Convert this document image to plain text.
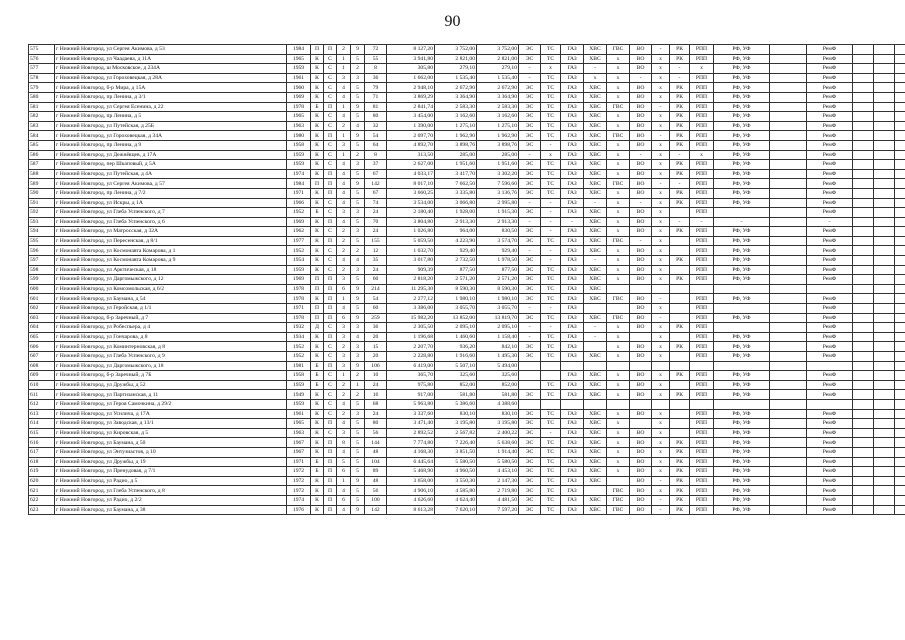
90
575	г Нижний Новгород, ул Сергея Акимова, д 53	1984	П	П	2	9	72	8 127,20	3 752,00	3 752,00	ЭС	ТС	ГАЗ	ХВС	ГВС	ВО	-	РК	РПП	РФ, УФ		РемФ			
576	г Нижний Новгород, ул Чаадаева, д 11А	1965	К	С	1	5	55	3 941,80	2 821,00	2 821,00	ЭС	ТС	ГАЗ	ХВС	х	ВО	х	РК	РПП	РФ, УФ		РемФ			
577	г Нижний Новгород, ш Московское, д 234А	1959	К	С	1	2	8	305,80	279,10	279,10	-	х	ГАЗ	-	х	ВО	х	-	х	РФ, УФ		РемФ			
578	г Нижний Новгород, ул Гороховецкая, д 28А	1961	К	С	3	3	36	1 662,00	1 535,40	1 535,40	-	ТС	ГАЗ	х	х	-	х	-	РПП	РФ, УФ		РемФ			
579	г Нижний Новгород, б-р Мира, д 15А	1960	К	С	4	5	79	2 948,10	2 672,90	2 672,90	ЭС	ТС	ГАЗ	ХВС	х	ВО	х	РК	РПП	РФ, УФ		РемФ			
580	г Нижний Новгород, пр Ленина, д 3/1	1969	К	С	4	5	71	3 869,29	3 364,90	3 364,90	ЭС	ТС	ГАЗ	ХВС	х	ВО	х	РК	РПП	РФ, УФ		РемФ			
581	г Нижний Новгород, ул Сергея Есенина, д 22	1978	Б	П	1	9	81	2 841,74	2 583,30	2 583,30	ЭС	ТС	ГАЗ	ХВС	ГВС	ВО	-	РК	РПП	РФ, УФ		РемФ			
582	г Нижний Новгород, пр Ленина, д 5	1965	К	С	4	5	80	3 454,00	3 162,60	3 162,60	ЭС	ТС	ГАЗ	ХВС	х	ВО	х	РК	РПП	РФ, УФ		РемФ			
583	г Нижний Новгород, ул Путейская, д 25Б	1963	К	С	2	4	32	1 390,00	1 275,10	1 275,10	ЭС	ТС	ГАЗ	ХВС	х	ВО	х	РК	РПП	РФ, УФ		РемФ			
584	г Нижний Новгород, ул Гороховецкая, д 34А	1980	К	П	1	9	54	2 097,70	1 962,90	1 962,90	ЭС	ТС	ГАЗ	ХВС	ГВС	ВО	-	РК	РПП	РФ, УФ		РемФ			
585	г Нижний Новгород, пр Ленина, д 9	1958	К	С	3	5	64	4 892,70	3 898,76	3 898,76	ЭС	-	ГАЗ	ХВС	х	ВО	х	РК	РПП	РФ, УФ		РемФ			
586	г Нижний Новгород, ул Дежнёвцев, д 17А	1959	К	С	1	2	8	313,50	285,00	285,00	-	х	ГАЗ	ХВС	х	-	х	-	х	РФ, УФ		РемФ			
587	г Нижний Новгород, пер Шкаповый, д 5А	1959	К	С	4	3	37	2 627,00	1 951,60	1 951,60	ЭС	ТС	ГАЗ	ХВС	х	ВО	х	РК	РПП	РФ, УФ		РемФ			
588	г Нижний Новгород, ул Путейская, д 4А	1974	К	П	4	5	67	4 033,17	3 417,70	3 302,20	ЭС	ТС	ГАЗ	ХВС	х	ВО	х	РК	РПП	РФ, УФ		РемФ			
589	г Нижний Новгород, ул Сергея Акимова, д 57	1984	П	П	4	9	142	8 017,10	7 662,50	7 596,60	ЭС	ТС	ГАЗ	ХВС	ГВС	ВО	-	-	РПП	РФ, УФ		РемФ			
590	г Нижний Новгород, пр Ленина, д 7/2	1971	К	П	4	5	67	3 660,25	3 335,80	3 136,76	ЭС	ТС	ГАЗ	ХВС	х	ВО	х	РК	РПП	РФ, УФ		РемФ			
591	г Нижний Новгород, ул Искры, д 1А	1966	К	С	4	5	74	3 534,00	3 066,80	2 995,80	-	-	ГАЗ	-	х	-	х	РК	РПП	РФ, УФ		РемФ			
592	г Нижний Новгород, ул Глеба Успенского, д 7	1952	Б	С	3	3	24	2 180,40	1 928,00	1 915,30	ЭС	-	ГАЗ	ХВС	х	ВО	х		РПП			РемФ			
593	г Нижний Новгород, ул Глеба Успенского, д 6	1969	К	П	4	5	70	3 804,80	2 913,30	2 913,30	-	-	-	ХВС	х	ВО	х	-	-	-		-			
594	г Нижний Новгород, ул Матросская, д 32А	1962	К	С	2	3	24	1 026,80	964,00	830,50	ЭС	-	ГАЗ	ХВС	х	ВО	х	РК	РПП	РФ, УФ		РемФ			
595	г Нижний Новгород, ул Пересенская, д 8/1	1977	К	П	2	5	155	5 059,50	4 223,90	3 574,70	ЭС	ТС	ГАЗ	ХВС	ГВС	-	х		РПП	РФ, УФ		РемФ			
596	г Нижний Новгород, ул Космонавта Комарова, д 1	1952	К	С	2	2	12	1 032,70	929,40	929,40	-	-	ГАЗ	ХВС	х	ВО	х		РПП	РФ, УФ		РемФ			
597	г Нижний Новгород, ул Космонавта Комарова, д 9	1954	К	С	4	4	35	3 017,80	2 732,50	1 978,50	ЭС	-	ГАЗ	-	х	ВО	х	РК	РПП	РФ, УФ		РемФ			
598	г Нижний Новгород, ул Арктическая, д 18	1959	К	С	2	3	24	909,39	877,50	877,50	ЭС	ТС	ГАЗ	ХВС	х	ВО	х		РПП	РФ, УФ		РемФ			
599	г Нижний Новгород, ул Даргомыжского, д 12	1969	П	П	3	5	60	2 818,20	2 571,20	2 571,20	ЭС	ТС	ГАЗ	ХВС	х	ВО	х	РК	РПП	РФ, УФ		РемФ			
600	г Нижний Новгород, ул Комсомольская, д 6/2	1978	П	П	6	9	214	11 295,30	8 590,30	8 590,30	ЭС	ТС	ГАЗ	ХВС											
601	г Нижний Новгород, ул Баумана, д 54	1978	К	П	1	9	54	2 277,12	1 980,10	1 980,10	ЭС	ТС	ГАЗ	ХВС	ГВС	ВО	-		РПП	РФ, УФ		РемФ			
602	г Нижний Новгород, ул Геройская, д 1/1	1971	П	П	4	5	60	3 386,00	3 055,70	3 055,70	-	-	ГАЗ			ВО	х		РПП			РемФ			
603	г Нижний Новгород, б-р Заречный, д 7	1978	П	П	6	9	259	15 982,20	13 852,00	13 819,70	ЭС	ТС	ГАЗ	ХВС	ГВС	ВО	-		РПП	РФ, УФ		РемФ			
604	г Нижний Новгород, ул Робеспьера, д 4	1932	Д	С	3	3	36	2 305,50	2 095,10	2 095,10	-	-	ГАЗ	-	х	ВО	х	РК	РПП			РемФ			
605	г Нижний Новгород, ул Гончарова, д 8	1934	К	П	3	4	20	1 196,68	1 460,60	1 158,40	-	ТС	ГАЗ	-	х		х		РПП	РФ, УФ		РемФ			
606	г Нижний Новгород, ул Коминтерновская, д 8	1952	К	С	2	3	15	2 207,70	936,20	842,10	ЭС	ТС	ГАЗ		х	ВО	х	РК	РПП	РФ, УФ		РемФ			
607	г Нижний Новгород, ул Глеба Успенского, д 9	1952	К	С	3	3	20	2 228,80	1 916,60	1 495,30	ЭС	ТС	ГАЗ	ХВС	х	ВО	х		РПП	РФ, УФ		РемФ			
608	г Нижний Новгород, ул Даргомыжского, д 18	1981	Б	П	3	9	106	6 419,00	5 507,10	5 494,00															
609	г Нижний Новгород, б-р Заречный, д 7Б	1958	Б	С	1	2	10	365,70	325,60	325,60			ГАЗ	ХВС	х	ВО	х	РК	РПП	РФ, УФ		РемФ			
610	г Нижний Новгород, ул Дружбы, д 52	1959	Б	С	2	1	24	975,80	852,00	852,00		ТС	ГАЗ	ХВС	х	ВО	х		РПП	РФ, УФ		РемФ			
611	г Нижний Новгород, ул Партизанская, д 11	1949	К	С	2	2	16	917,00	581,80	581,80	ЭС	ТС	ГАЗ	ХВС	х	ВО	х	РК	РПП	РФ, УФ		РемФ			
612	г Нижний Новгород, ул Героя Самочкина, д 29/2	1959	К	С	4	5	68	5 963,80	5 386,60	4 388,60															
613	г Нижний Новгород, ул Усилича, д 17А	1961	К	С	2	3	24	3 337,60	830,10	830,10	ЭС	ТС	ГАЗ	ХВС	х	ВО	х		РПП	РФ, УФ		РемФ			
614	г Нижний Новгород, ул Заводская, д 13/1	1965	К	П	4	5	80	3 471,40	3 195,80	3 195,80	ЭС	ТС	ГАЗ	ХВС	х		х		РПП	РФ, УФ		РемФ			
615	г Нижний Новгород, ул Кировская, д 5	1963	К	С	3	5	56	2 892,52	2 567,82	2 400,22	ЭС	-	ГАЗ	ХВС	х	ВО	х		РПП	РФ, УФ		РемФ			
616	г Нижний Новгород, ул Баумана, д 50	1967	К	П	8	5	144	7 774,80	7 226,40	5 638,60	ЭС	ТС	ГАЗ	ХВС	х	ВО	х	РК	РПП	РФ, УФ		РемФ			
617	г Нижний Новгород, ул Энтузиастов, д 10	1967	К	П	4	5	48	4 168,30	3 851,50	1 914,40	ЭС	ТС	ГАЗ	ХВС	х	ВО	х	РК	РПП	РФ, УФ		РемФ			
618	г Нижний Новгород, ул Дружбы, д 19	1971	Б	П	5	5	104	6 445,64	5 580,50	5 580,50	ЭС	ТС	ГАЗ	ХВС	х	ВО	х	РК	РПП	РФ, УФ		РемФ			
619	г Нижний Новгород, ул Пренудовая, д 7/1	1972	Б	П	6	5	89	5 468,90	4 960,50	4 453,10	ЭС	ТС	ГАЗ	ХВС	х	ВО	х	РК	РПП	РФ, УФ		РемФ			
620	г Нижний Новгород, ул Радио, д 5	1972	К	П	1	9	48	3 658,00	3 550,30	2 147,30	ЭС	ТС	ГАЗ	ХВС		ВО	-	РК	РПП	РФ, УФ		РемФ			
621	г Нижний Новгород, ул Глеба Успенского, д 8	1972	К	П	4	5	56	4 906,10	4 585,80	2 719,80	ЭС	ТС	ГАЗ		ГВС	ВО	х	РК	РПП	РФ, УФ		РемФ			
622	г Нижний Новгород, ул Радио, д 2/2	1974	К	П	6	5	100	4 626,60	4 624,40	4 481,50	ЭС	ТС	ГАЗ	ХВС	ГВС	ВО	-	РК	РПП	РФ, УФ		РемФ			
623	г Нижний Новгород, ул Баумана, д 38	1976	К	П	4	9	142	8 613,28	7 620,10	7 597,20	ЭС	ТС	ГАЗ	ХВС	ГВС	ВО	-	РК	РПП	РФ, УФ		РемФ			
